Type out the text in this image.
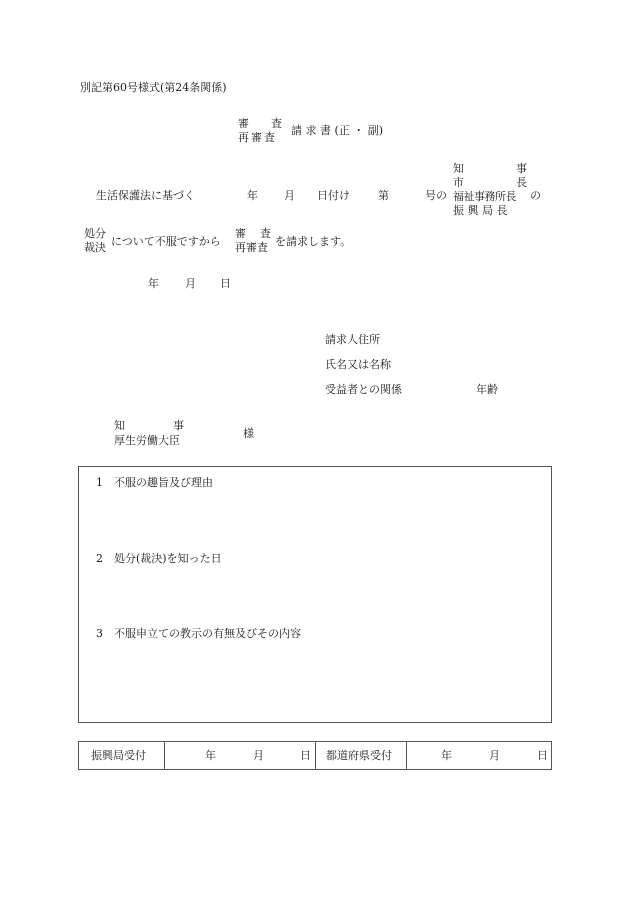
別記第60号様式(第24条関係)
審 査
再審査
請 求 書 (正 ・ 副)
生活保護法に基づく	年 月 日付け	第	号の
知	事
市	長
福祉事務所長
振 興 局 長
の
処分
裁決 について不服ですから
審 査
再審査 を請求します。
年 月 日
請求人住所
氏名又は名称
受益者との関係	年齢
知	事
厚生労働大臣
様
1　不服の趣旨及び理由
2　処分(裁決)を知った日
3　不服申立ての教示の有無及びその内容
振興局受付	年	月	日 都道府県受付	年	月	日
